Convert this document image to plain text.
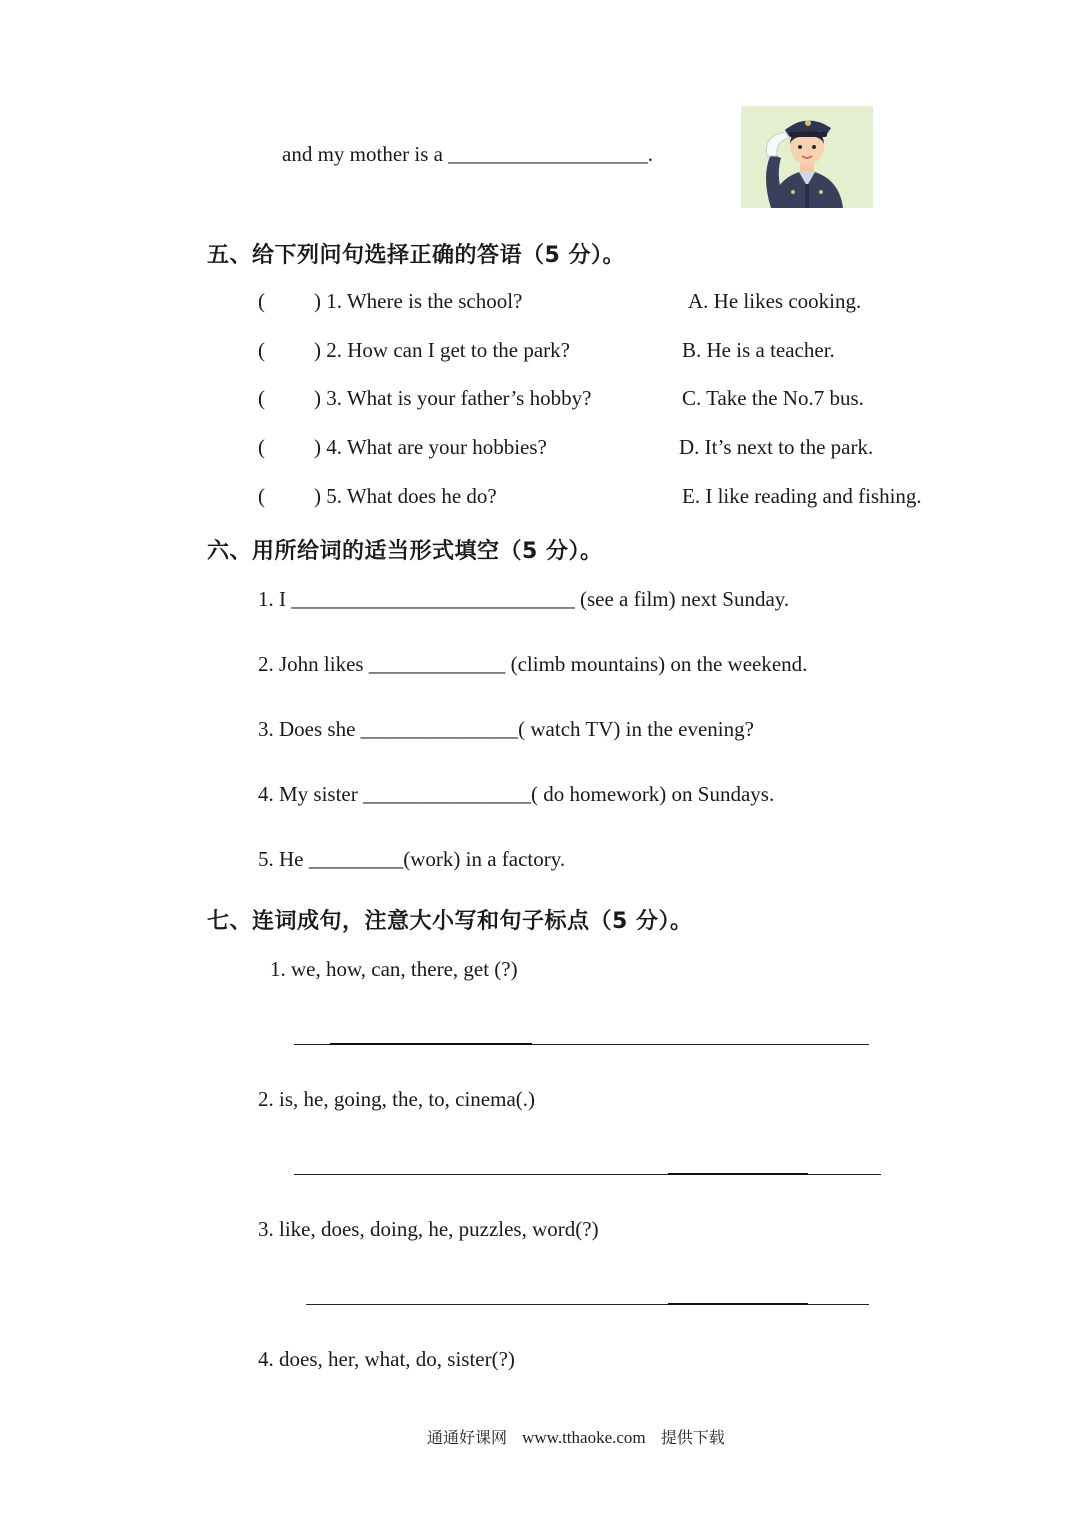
and my mother is a ___________________.
五、给下列问句选择正确的答语（5 分）。
( ) 1. Where is the school?	A. He likes cooking.
( ) 2. How can I get to the park?	B. He is a teacher.
( ) 3. What is your father’s hobby?	C. Take the No.7 bus.
( ) 4. What are your hobbies?	D. It’s next to the park.
( ) 5. What does he do?	E. I like reading and fishing.
六、用所给词的适当形式填空（5 分）。
1. I ___________________________ (see a film) next Sunday.
2. John likes _____________ (climb mountains) on the weekend.
3. Does she _______________( watch TV) in the evening?
4. My sister ________________( do homework) on Sundays.
5. He _________(work) in a factory.
七、连词成句，注意大小写和句子标点（5 分）。
1. we, how, can, there, get (?)
2. is, he, going, the, to, cinema(.)
3. like, does, doing, he, puzzles, word(?)
4. does, her, what, do, sister(?)
通通好课网 www.tthaoke.com 提供下载
